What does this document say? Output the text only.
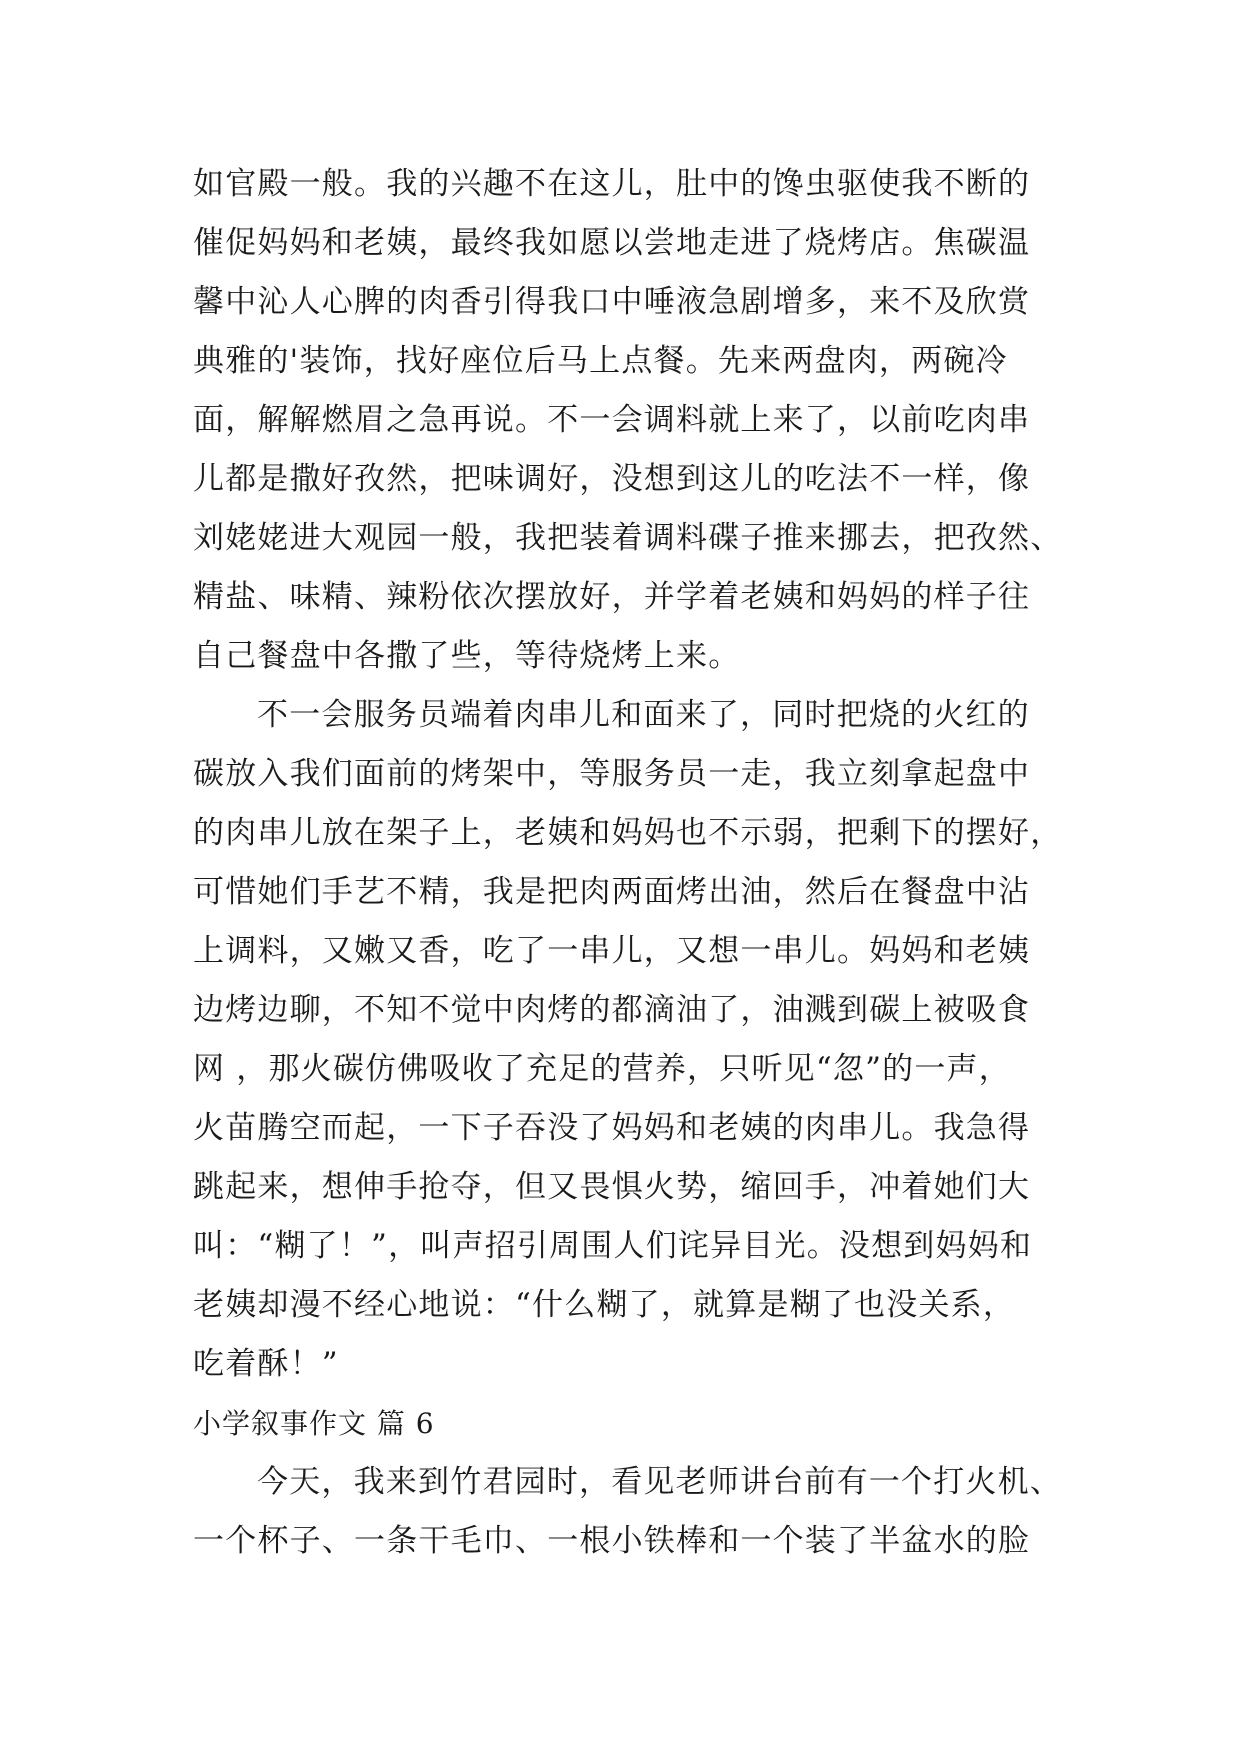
如官殿一般。我的兴趣不在这儿，肚中的馋虫驱使我不断的
催促妈妈和老姨，最终我如愿以尝地走进了烧烤店。焦碳温
馨中沁人心脾的肉香引得我口中唾液急剧增多，来不及欣赏
典雅的'装饰，找好座位后马上点餐。先来两盘肉，两碗冷
面，解解燃眉之急再说。不一会调料就上来了，以前吃肉串
儿都是撒好孜然，把味调好，没想到这儿的吃法不一样，像
刘姥姥进大观园一般，我把装着调料碟子推来挪去，把孜然、
精盐、味精、辣粉依次摆放好，并学着老姨和妈妈的样子往
自己餐盘中各撒了些，等待烧烤上来。
不一会服务员端着肉串儿和面来了，同时把烧的火红的
碳放入我们面前的烤架中，等服务员一走，我立刻拿起盘中
的肉串儿放在架子上，老姨和妈妈也不示弱，把剩下的摆好，
可惜她们手艺不精，我是把肉两面烤出油，然后在餐盘中沾
上调料，又嫩又香，吃了一串儿，又想一串儿。妈妈和老姨
边烤边聊，不知不觉中肉烤的都滴油了，油溅到碳上被吸食
网 ，那火碳仿佛吸收了充足的营养，只听见“忽”的一声，
火苗腾空而起，一下子吞没了妈妈和老姨的肉串儿。我急得
跳起来，想伸手抢夺，但又畏惧火势，缩回手，冲着她们大
叫：“糊了！”，叫声招引周围人们诧异目光。没想到妈妈和
老姨却漫不经心地说：“什么糊了，就算是糊了也没关系，
吃着酥！”
小学叙事作文 篇 6
今天，我来到竹君园时，看见老师讲台前有一个打火机、
一个杯子、一条干毛巾、一根小铁棒和一个装了半盆水的脸
